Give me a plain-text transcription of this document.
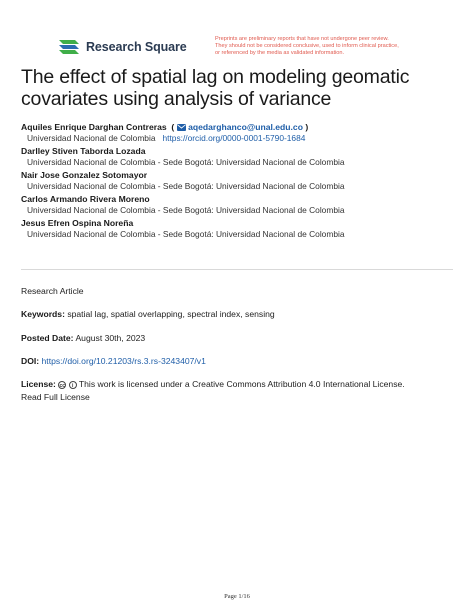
Research Square
Preprints are preliminary reports that have not undergone peer review.
They should not be considered conclusive, used to inform clinical practice,
or referenced by the media as validated information.
The effect of spatial lag on modeling geomatic covariates using analysis of variance
Aquiles Enrique Darghan Contreras  ( aqedarghanco@unal.edu.co )
Universidad Nacional de Colombia https://orcid.org/0000-0001-5790-1684
Darlley Stiven Taborda Lozada
Universidad Nacional de Colombia - Sede Bogotá: Universidad Nacional de Colombia
Nair Jose Gonzalez Sotomayor
Universidad Nacional de Colombia - Sede Bogotá: Universidad Nacional de Colombia
Carlos Armando Rivera Moreno
Universidad Nacional de Colombia - Sede Bogotá: Universidad Nacional de Colombia
Jesus Efren Ospina Noreña
Universidad Nacional de Colombia - Sede Bogotá: Universidad Nacional de Colombia
Research Article
Keywords: spatial lag, spatial overlapping, spectral index, sensing
Posted Date: August 30th, 2023
DOI: https://doi.org/10.21203/rs.3.rs-3243407/v1
License: cc i This work is licensed under a Creative Commons Attribution 4.0 International License.
Read Full License
Page 1/16
